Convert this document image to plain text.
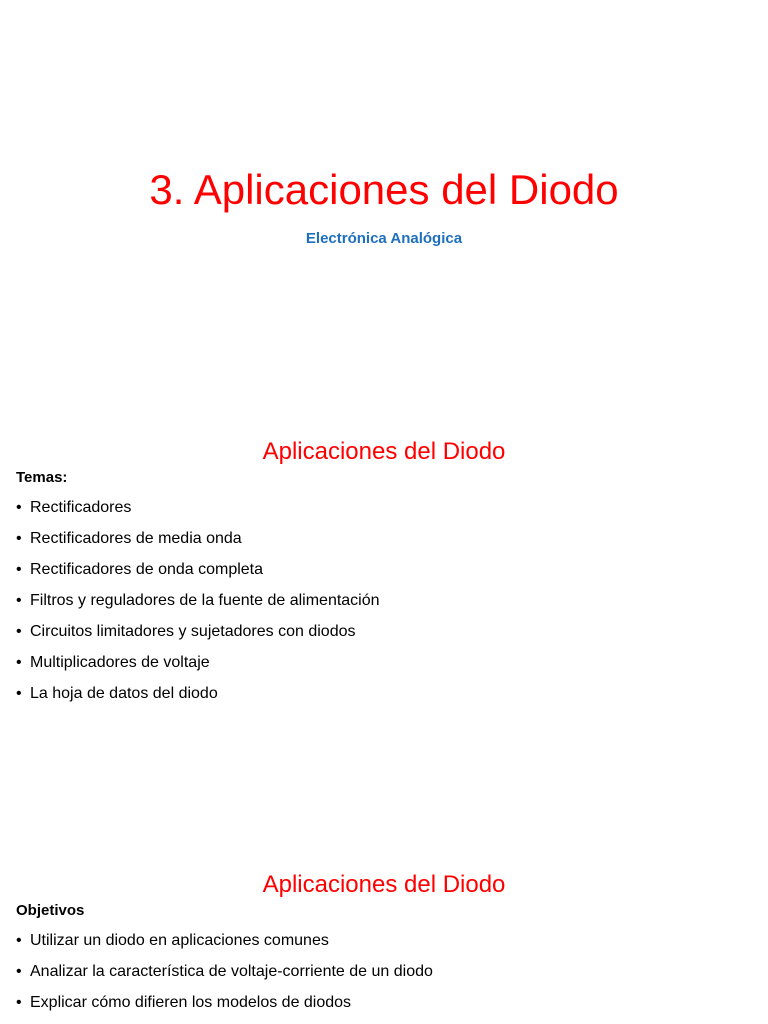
3. Aplicaciones del Diodo

Electrónica Analógica

Aplicaciones del Diodo

Temas:

• Rectificadores
• Rectificadores de media onda
• Rectificadores de onda completa
• Filtros y reguladores de la fuente de alimentación
• Circuitos limitadores y sujetadores con diodos
• Multiplicadores de voltaje
• La hoja de datos del diodo
Aplicaciones del Diodo

Objetivos

• Utilizar un diodo en aplicaciones comunes
• Analizar la característica de voltaje-corriente de un diodo
• Explicar cómo difieren los modelos de diodos
